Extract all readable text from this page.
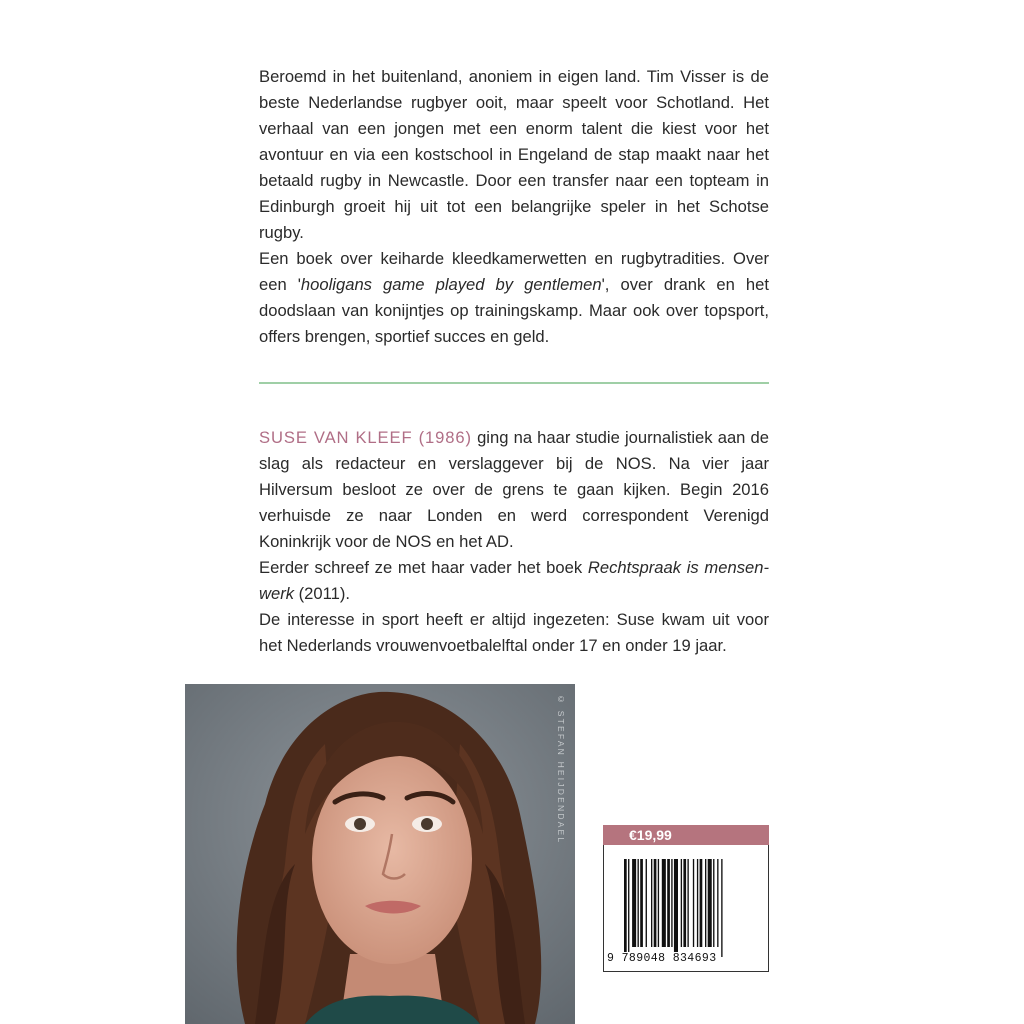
Beroemd in het buitenland, anoniem in eigen land. Tim Visser is de beste Nederlandse rugbyer ooit, maar speelt voor Schotland. Het verhaal van een jongen met een enorm talent die kiest voor het avontuur en via een kostschool in Engeland de stap maakt naar het betaald rugby in Newcastle. Door een transfer naar een topteam in Edinburgh groeit hij uit tot een belangrijke speler in het Schotse rugby.

Een boek over keiharde kleedkamerwetten en rugbytradities. Over een 'hooligans game played by gentlemen', over drank en het doodslaan van konijntjes op trainingskamp. Maar ook over topsport, offers brengen, sportief succes en geld.

SUSE VAN KLEEF (1986) ging na haar studie journalistiek aan de slag als redacteur en verslaggever bij de NOS. Na vier jaar Hilversum besloot ze over de grens te gaan kijken. Begin 2016 verhuisde ze naar Londen en werd correspondent Verenigd Koninkrijk voor de NOS en het AD.

Eerder schreef ze met haar vader het boek Rechtspraak is mensenwerk (2011).

De interesse in sport heeft er altijd ingezeten: Suse kwam uit voor het Nederlands vrouwenvoetbalelftal onder 17 en onder 19 jaar.

© STEFAN HEIJDENDAEL	€19,99
9 789048 834693
